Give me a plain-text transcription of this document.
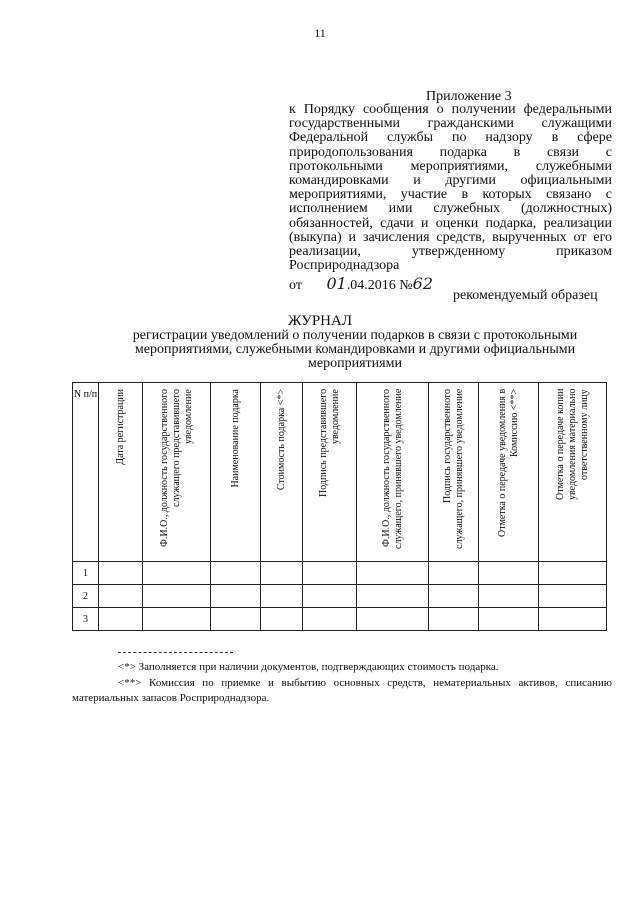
11
Приложение 3
к Порядку сообщения о получении федеральными государственными гражданскими служащими Федеральной службы по надзору в сфере природопользования подарка в связи с протокольными мероприятиями, служебными командировками и другими официальными мероприятиями, участие в которых связано с исполнением ими служебных (должностных) обязанностей, сдачи и оценки подарка, реализации (выкупа) и зачисления средств, вырученных от его реализации, утвержденному приказом Росприроднадзора
от 01.04.2016 №62
рекомендуемый образец
ЖУРНАЛ
регистрации уведомлений о получении подарков в связи с протокольными мероприятиями, служебными командировками и другими официальными мероприятиями
N п/п	Дата регистрации	Ф.И.О., должность государственного служащего представившего уведомление	Наименование подарка	Стоимость подарка <*>	Подпись представившего уведомление	Ф.И.О., должность государственного служащего, принявшего уведомление	Подпись государственного служащего, принявшего уведомление	Отметка о передаче уведомления в Комиссию <**>	Отметка о передаче копии уведомления материально ответственному лицу

1									
2									
3									
<*> Заполняется при наличии документов, подтверждающих стоимость подарка.
<**> Комиссия по приемке и выбытию основных средств, нематериальных активов, списанию материальных запасов Росприроднадзора.
